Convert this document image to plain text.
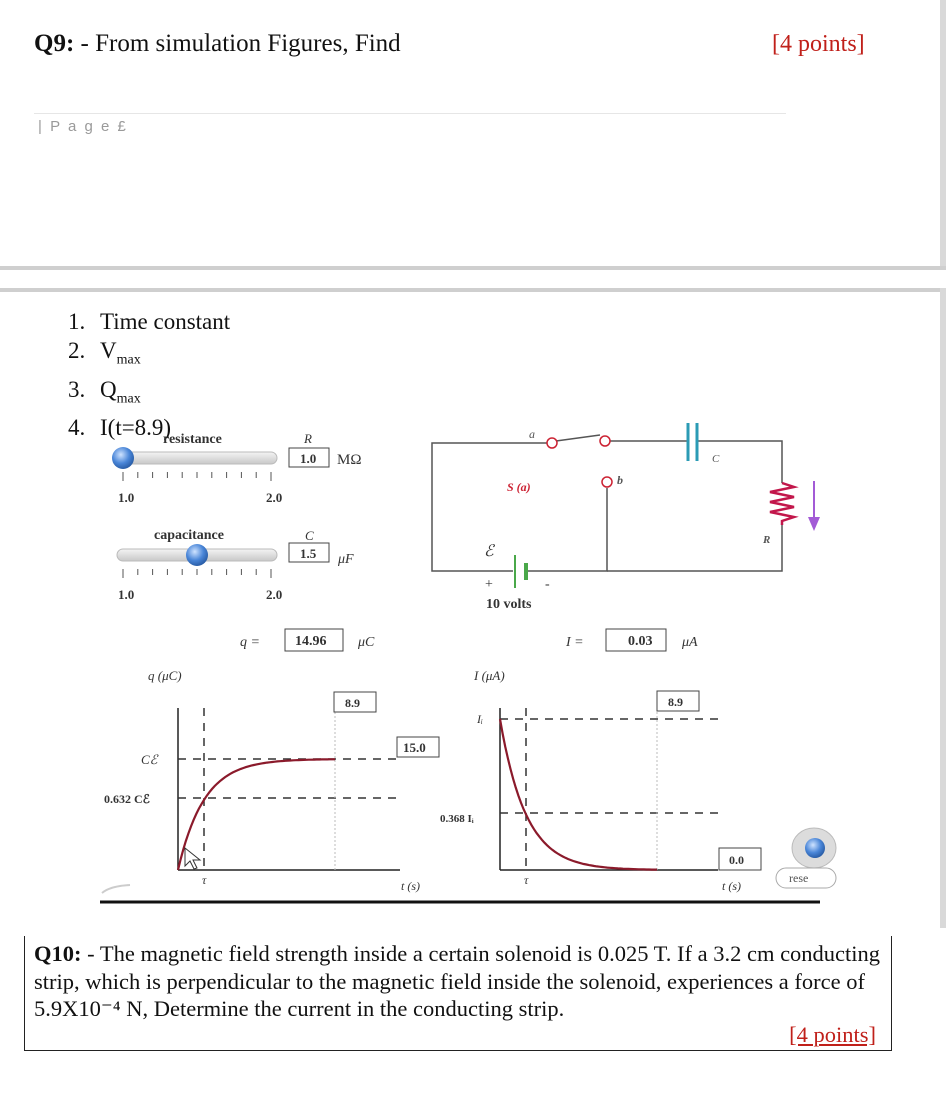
Q9: - From simulation Figures, Find	[4 points]
| P a g e £
1. Time constant
2. $V_{max}$
3. $Q_{max}$
4. I(t=8.9)
resistance	R
1.0 MΩ
1.0	2.0
capacitance	C
1.5 μF
1.0	2.0
a
b
S (a)
C
R
ℰ
+	-
10 volts
q =	14.96 μC	I =	0.03 μA
q (μC)
Cℰ
0.632 Cℰ
τ	t (s)
8.9
15.0
I (μA)
Iᵢ
0.368 Iᵢ
τ	t (s)
8.9
0.0
rese
Q10: - The magnetic field strength inside a certain solenoid is 0.025 T. If a 3.2 cm conducting strip, which is perpendicular to the magnetic field inside the solenoid, experiences a force of 5.9X10⁻⁴ N, Determine the current in the conducting strip.
[4 points]
